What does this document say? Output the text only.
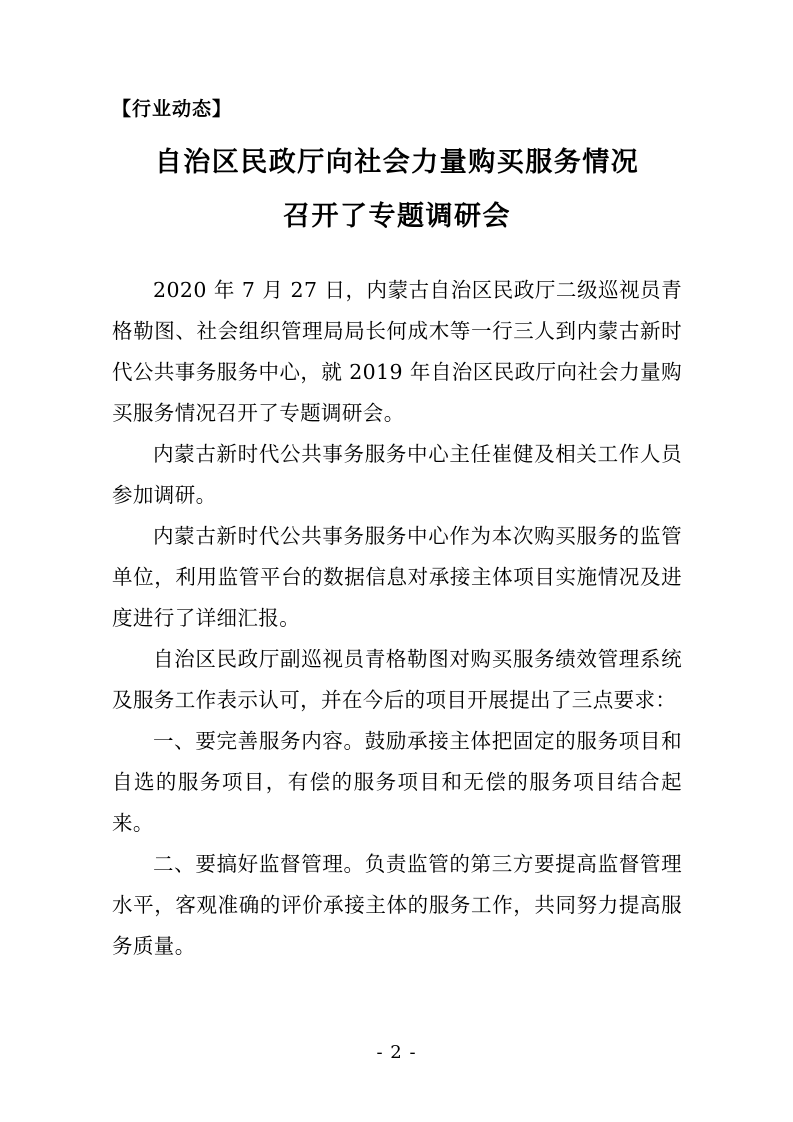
【行业动态】
自治区民政厅向社会力量购买服务情况
召开了专题调研会

2020 年 7 月 27 日，内蒙古自治区民政厅二级巡视员青格勒图、社会组织管理局局长何成木等一行三人到内蒙古新时代公共事务服务中心，就 2019 年自治区民政厅向社会力量购买服务情况召开了专题调研会。

内蒙古新时代公共事务服务中心主任崔健及相关工作人员参加调研。

内蒙古新时代公共事务服务中心作为本次购买服务的监管单位，利用监管平台的数据信息对承接主体项目实施情况及进度进行了详细汇报。

自治区民政厅副巡视员青格勒图对购买服务绩效管理系统及服务工作表示认可，并在今后的项目开展提出了三点要求：

一、要完善服务内容。鼓励承接主体把固定的服务项目和自选的服务项目，有偿的服务项目和无偿的服务项目结合起来。

二、要搞好监督管理。负责监管的第三方要提高监督管理水平，客观准确的评价承接主体的服务工作，共同努力提高服务质量。

- 2 -
